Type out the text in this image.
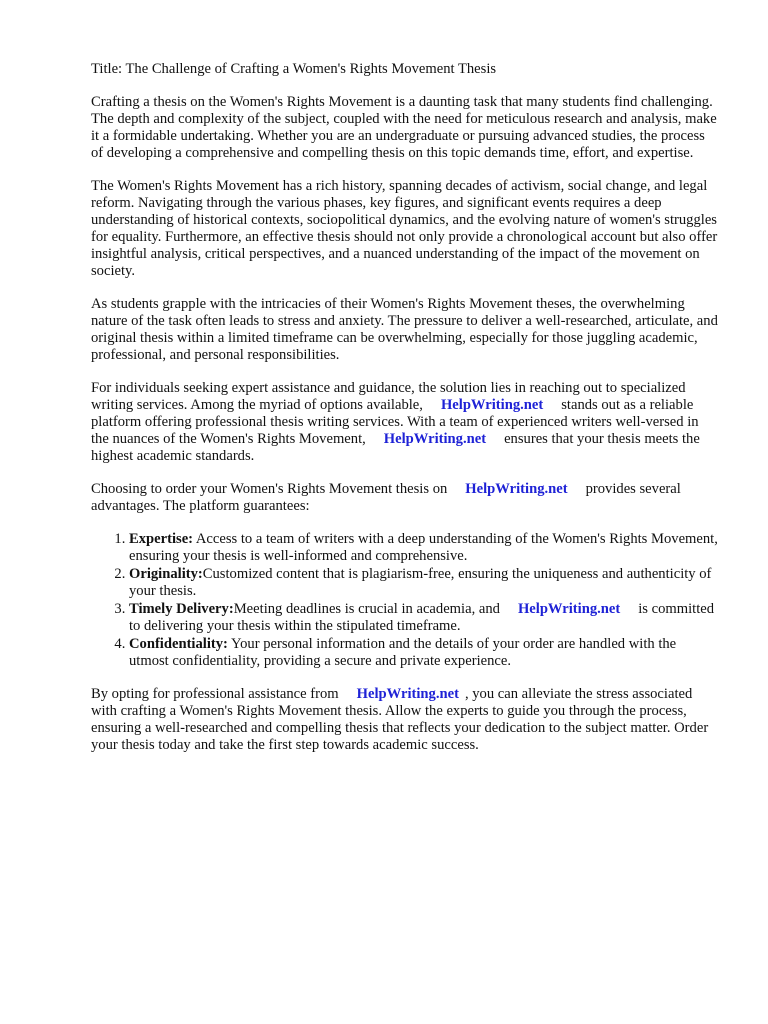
Title: The Challenge of Crafting a Women's Rights Movement Thesis

Crafting a thesis on the Women's Rights Movement is a daunting task that many students find challenging. The depth and complexity of the subject, coupled with the need for meticulous research and analysis, make it a formidable undertaking. Whether you are an undergraduate or pursuing advanced studies, the process of developing a comprehensive and compelling thesis on this topic demands time, effort, and expertise.

The Women's Rights Movement has a rich history, spanning decades of activism, social change, and legal reform. Navigating through the various phases, key figures, and significant events requires a deep understanding of historical contexts, sociopolitical dynamics, and the evolving nature of women's struggles for equality. Furthermore, an effective thesis should not only provide a chronological account but also offer insightful analysis, critical perspectives, and a nuanced understanding of the impact of the movement on society.

As students grapple with the intricacies of their Women's Rights Movement theses, the overwhelming nature of the task often leads to stress and anxiety. The pressure to deliver a well-researched, articulate, and original thesis within a limited timeframe can be overwhelming, especially for those juggling academic, professional, and personal responsibilities.

For individuals seeking expert assistance and guidance, the solution lies in reaching out to specialized writing services. Among the myriad of options available, HelpWriting.net stands out as a reliable platform offering professional thesis writing services. With a team of experienced writers well-versed in the nuances of the Women's Rights Movement, HelpWriting.net ensures that your thesis meets the highest academic standards.

Choosing to order your Women's Rights Movement thesis on HelpWriting.net provides several advantages. The platform guarantees:

1. Expertise: Access to a team of writers with a deep understanding of the Women's Rights Movement, ensuring your thesis is well-informed and comprehensive.
2. Originality:Customized content that is plagiarism-free, ensuring the uniqueness and authenticity of your thesis.
3. Timely Delivery:Meeting deadlines is crucial in academia, and HelpWriting.net is committed to delivering your thesis within the stipulated timeframe.
4. Confidentiality: Your personal information and the details of your order are handled with the utmost confidentiality, providing a secure and private experience.

By opting for professional assistance from HelpWriting.net , you can alleviate the stress associated with crafting a Women's Rights Movement thesis. Allow the experts to guide you through the process, ensuring a well-researched and compelling thesis that reflects your dedication to the subject matter. Order your thesis today and take the first step towards academic success.
